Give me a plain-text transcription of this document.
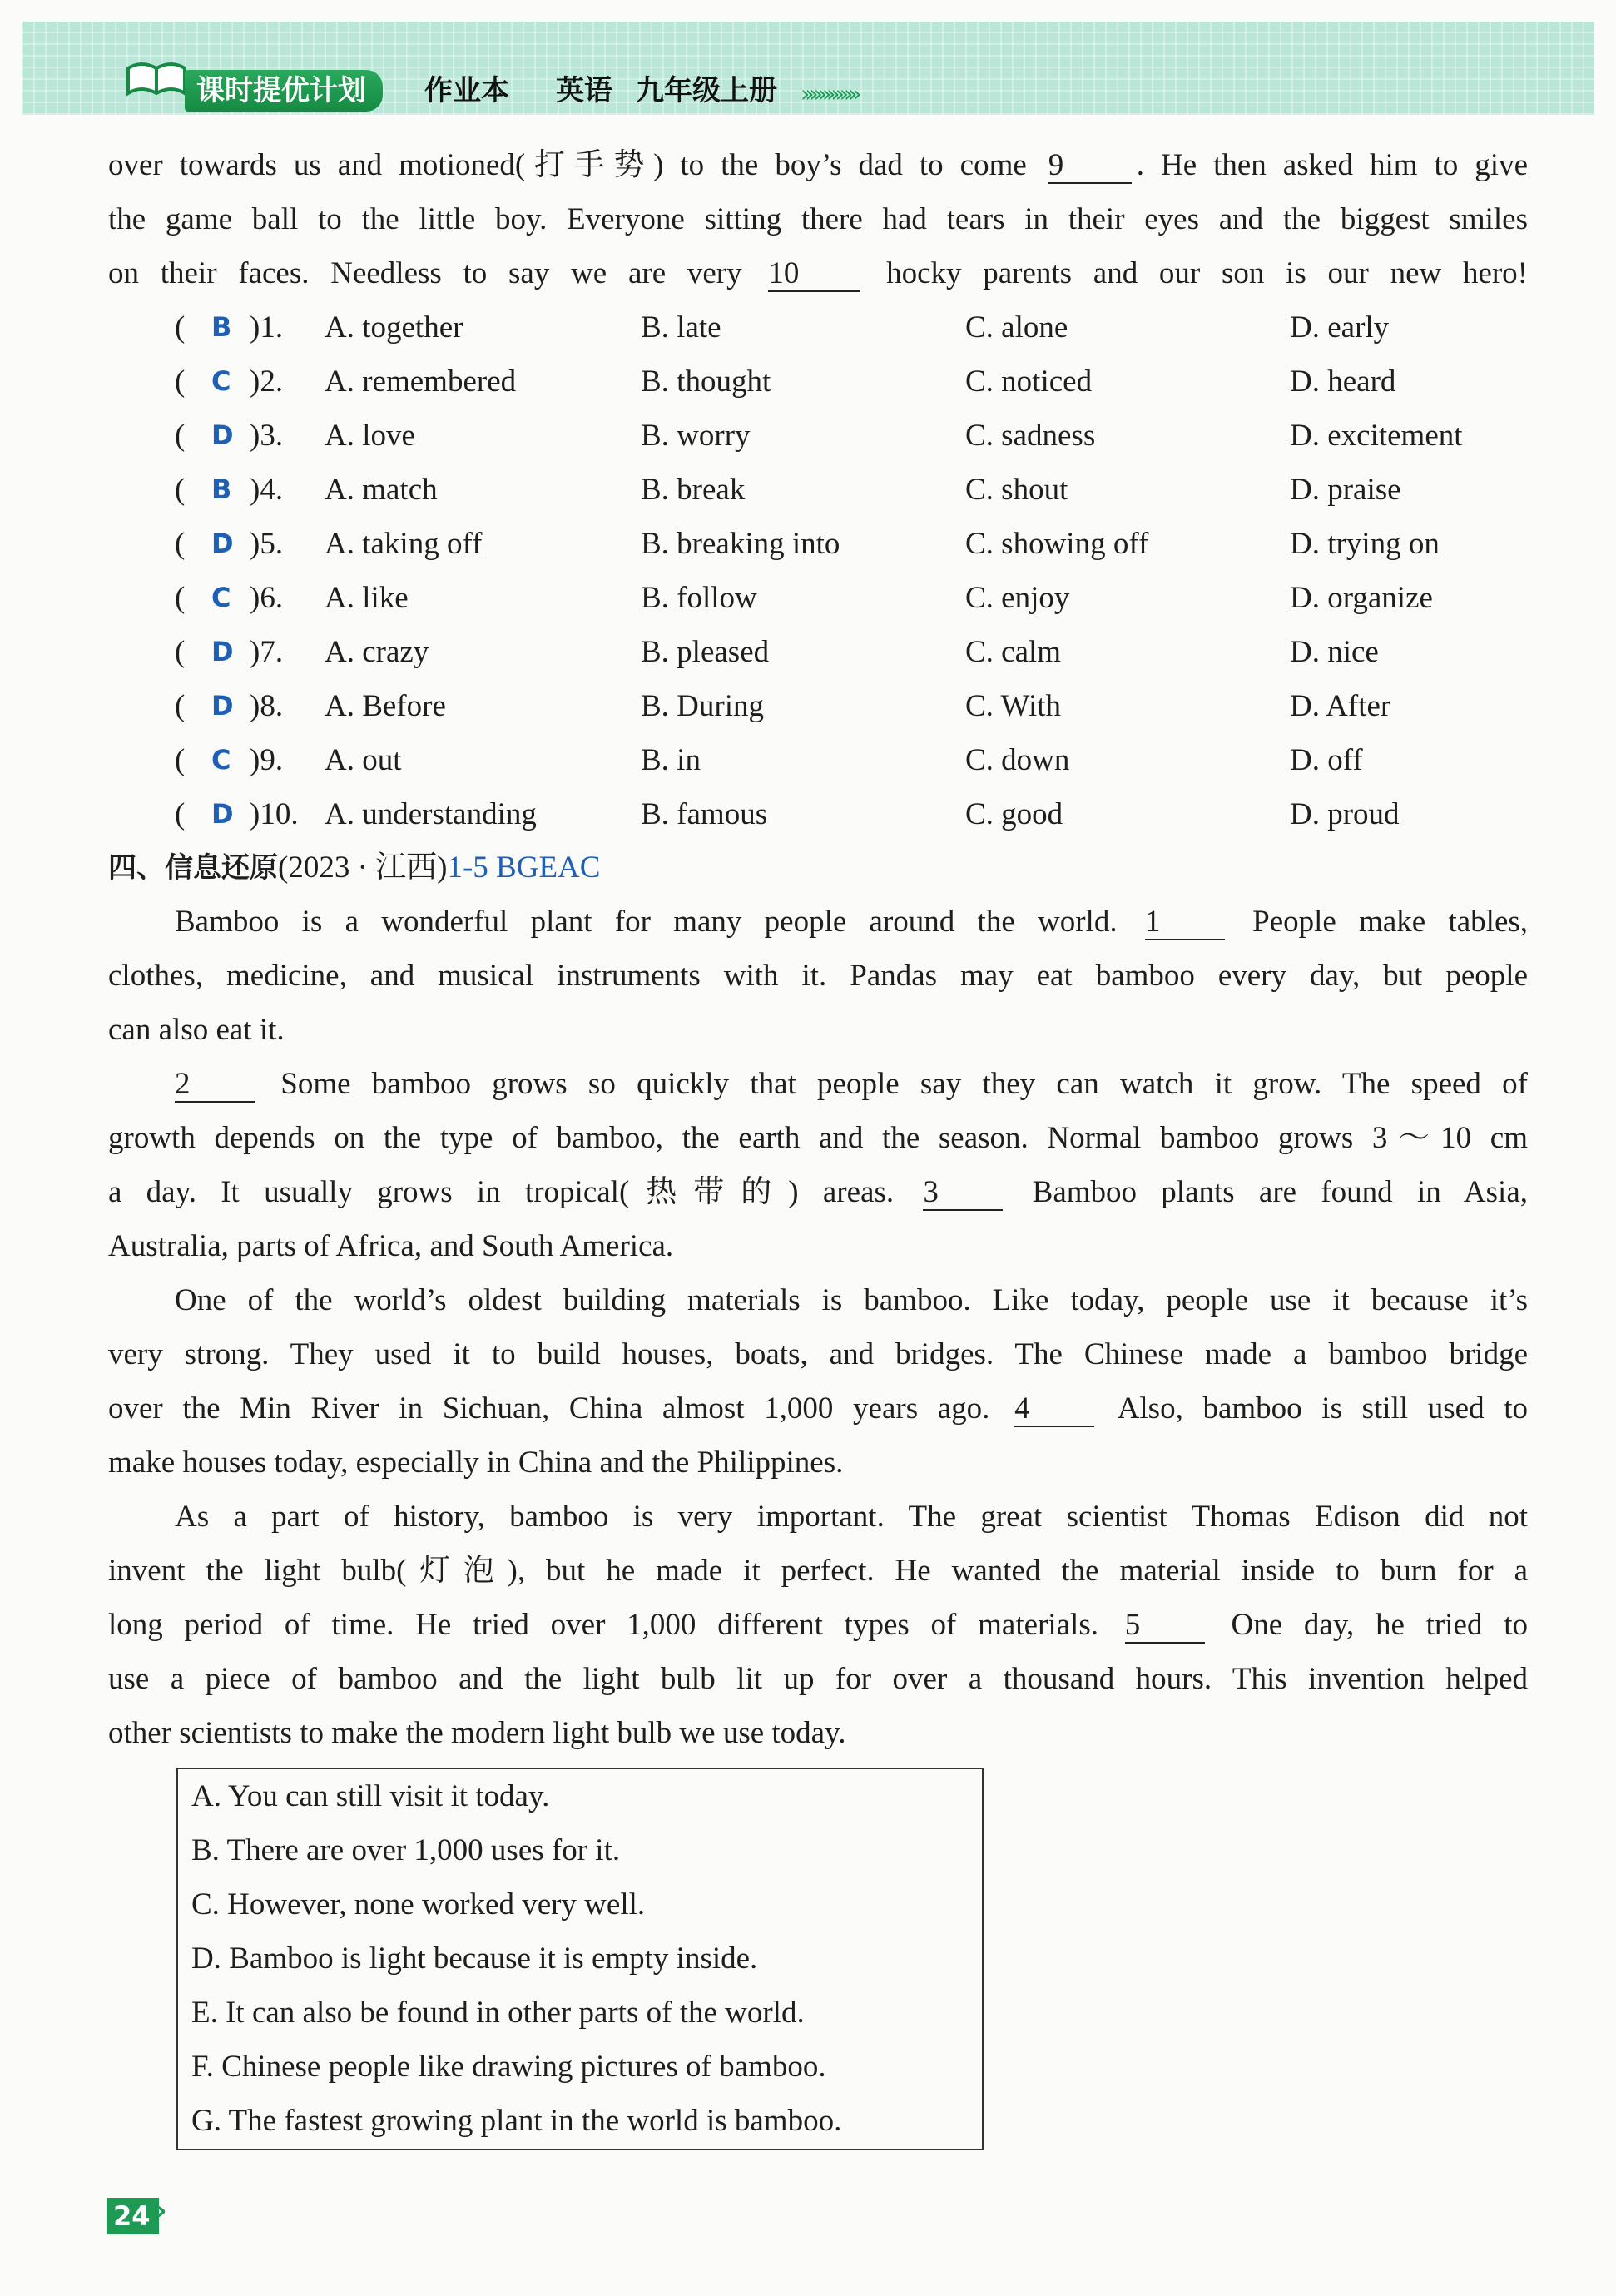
课时提优计划	作业本 英语 九年级上册 ›››››››››››››
over towards us and motioned(打手势) to the boy’s dad to come 9 . He then asked him to give
the game ball to the little boy. Everyone sitting there had tears in their eyes and the biggest smiles
on their faces. Needless to say we are very 10	hocky parents and our son is our new hero!
( B )1. A. together	B. late	C. alone	D. early
( C )2. A. remembered	B. thought	C. noticed	D. heard
( D )3. A. love	B. worry	C. sadness	D. excitement
( B )4. A. match	B. break	C. shout	D. praise
( D )5. A. taking off	B. breaking into	C. showing off	D. trying on
( C )6. A. like	B. follow	C. enjoy	D. organize
( D )7. A. crazy	B. pleased	C. calm	D. nice
( D )8. A. Before	B. During	C. With	D. After
( C )9. A. out	B. in	C. down	D. off
( D )10. A. understanding	B. famous	C. good	D. proud
四、信息还原(2023 · 江西)1-5 BGEAC
Bamboo is a wonderful plant for many people around the world. 1	People make tables,
clothes, medicine, and musical instruments with it. Pandas may eat bamboo every day, but people
can also eat it.
2	Some bamboo grows so quickly that people say they can watch it grow. The speed of
growth depends on the type of bamboo, the earth and the season. Normal bamboo grows 3～10 cm
a day. It usually grows in tropical(热带的) areas. 3	Bamboo plants are found in Asia,
Australia, parts of Africa, and South America.
One of the world’s oldest building materials is bamboo. Like today, people use it because it’s
very strong. They used it to build houses, boats, and bridges. The Chinese made a bamboo bridge
over the Min River in Sichuan, China almost 1,000 years ago. 4	Also, bamboo is still used to
make houses today, especially in China and the Philippines.
As a part of history, bamboo is very important. The great scientist Thomas Edison did not
invent the light bulb(灯泡), but he made it perfect. He wanted the material inside to burn for a
long period of time. He tried over 1,000 different types of materials. 5	One day, he tried to
use a piece of bamboo and the light bulb lit up for over a thousand hours. This invention helped
other scientists to make the modern light bulb we use today.
A. You can still visit it today.
B. There are over 1,000 uses for it.
C. However, none worked very well.
D. Bamboo is light because it is empty inside.
E. It can also be found in other parts of the world.
F. Chinese people like drawing pictures of bamboo.
G. The fastest growing plant in the world is bamboo.
24 ›
